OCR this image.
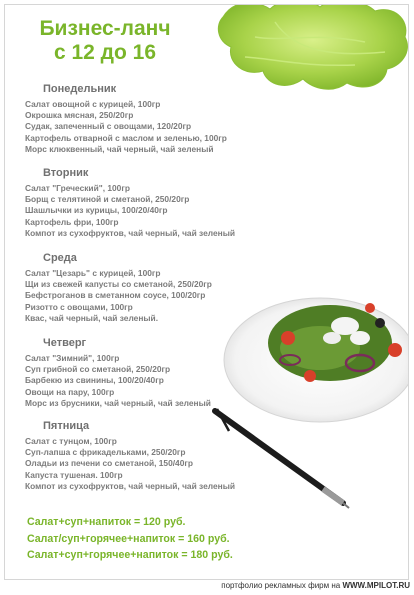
Бизнес-ланч
с 12 до 16
Понедельник
Салат овощной с курицей, 100гр
Окрошка мясная, 250/20гр
Судак, запеченный с овощами, 120/20гр
Картофель отварной с маслом и зеленью, 100гр
Морс клюквенный, чай черный, чай зеленый
Вторник
Салат "Греческий", 100гр
Борщ с телятиной и сметаной, 250/20гр
Шашлычки из курицы, 100/20/40гр
Картофель фри, 100гр
Компот из сухофруктов, чай черный, чай зеленый
Среда
Салат "Цезарь" с курицей, 100гр
Щи из свежей капусты со сметаной, 250/20гр
Бефстроганов в сметанном соусе, 100/20гр
Ризотто с овощами, 100гр
Квас, чай черный, чай зеленый.
Четверг
Салат "Зимний", 100гр
Суп грибной со сметаной, 250/20гр
Барбекю из свинины, 100/20/40гр
Овощи на пару, 100гр
Морс из брусники, чай черный, чай зеленый
Пятница
Салат с тунцом, 100гр
Суп-лапша с фрикадельками, 250/20гр
Оладьи из печени со сметаной, 150/40гр
Капуста тушеная. 100гр
Компот из сухофруктов, чай черный, чай зеленый
Салат+суп+напиток = 120 руб.
Салат/суп+горячее+напиток = 160 руб.
Салат+суп+горячее+напиток = 180 руб.
портфолио рекламных фирм на WWW.MPILOT.RU
